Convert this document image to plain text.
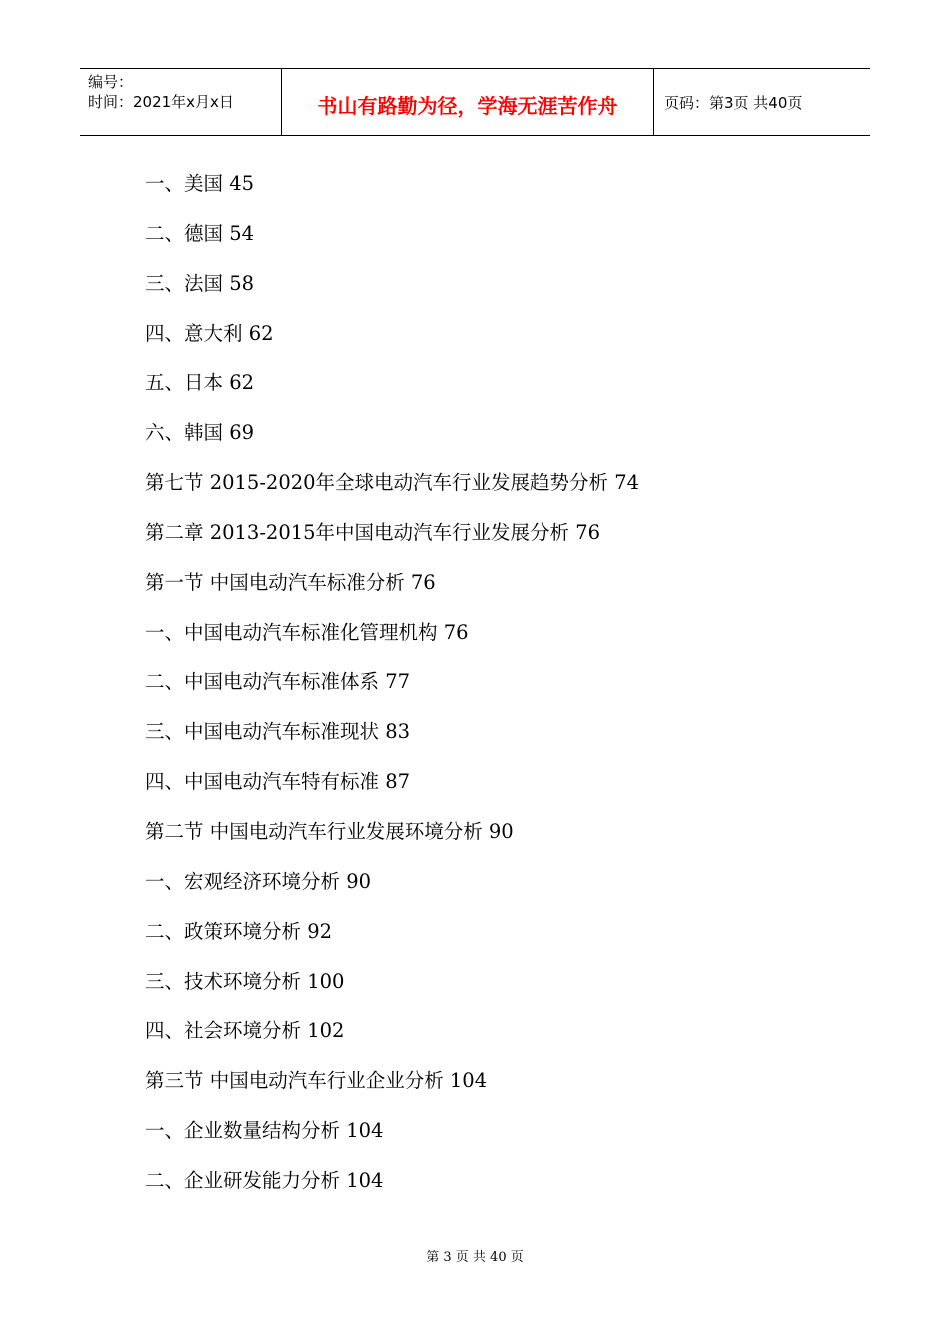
编号：
时间：2021年x月x日	书山有路勤为径，学海无涯苦作舟	页码：第3页 共40页
一、美国 45
二、德国 54
三、法国 58
四、意大利 62
五、日本 62
六、韩国 69
第七节 2015-2020年全球电动汽车行业发展趋势分析 74
第二章 2013-2015年中国电动汽车行业发展分析 76
第一节 中国电动汽车标准分析 76
一、中国电动汽车标准化管理机构 76
二、中国电动汽车标准体系 77
三、中国电动汽车标准现状 83
四、中国电动汽车特有标准 87
第二节 中国电动汽车行业发展环境分析 90
一、宏观经济环境分析 90
二、政策环境分析 92
三、技术环境分析 100
四、社会环境分析 102
第三节 中国电动汽车行业企业分析 104
一、企业数量结构分析 104
二、企业研发能力分析 104
第 3 页 共 40 页
